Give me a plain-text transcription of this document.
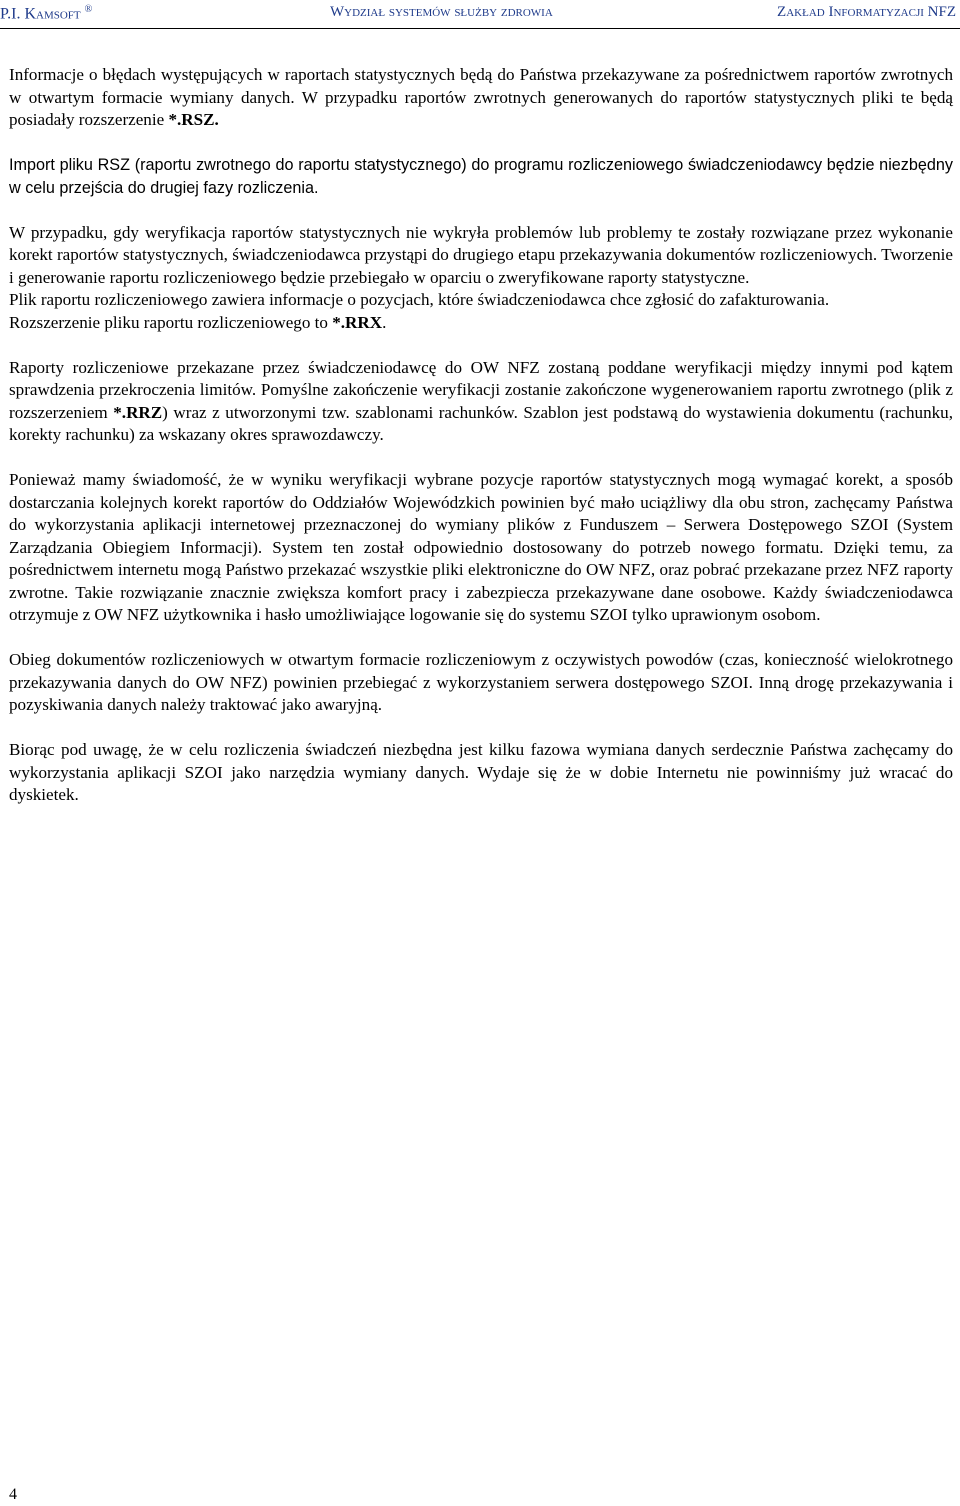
P.I. Kamsoft ®	Wydział systemów służby zdrowia	Zakład Informatyzacji NFZ

Informacje o błędach występujących w raportach statystycznych będą do Państwa przekazywane za pośrednictwem raportów zwrotnych w otwartym formacie wymiany danych. W przypadku raportów zwrotnych generowanych do raportów statystycznych pliki te będą posiadały rozszerzenie *.RSZ.

Import pliku RSZ (raportu zwrotnego do raportu statystycznego) do programu rozliczeniowego świadczeniodawcy będzie niezbędny w celu przejścia do drugiej fazy rozliczenia.

W przypadku, gdy weryfikacja raportów statystycznych nie wykryła problemów lub problemy te zostały rozwiązane przez wykonanie korekt raportów statystycznych, świadczeniodawca przystąpi do drugiego etapu przekazywania dokumentów rozliczeniowych. Tworzenie i generowanie raportu rozliczeniowego będzie przebiegało w oparciu o zweryfikowane raporty statystyczne.

Plik raportu rozliczeniowego zawiera informacje o pozycjach, które świadczeniodawca chce zgłosić do zafakturowania.

Rozszerzenie pliku raportu rozliczeniowego to *.RRX.

Raporty rozliczeniowe przekazane przez świadczeniodawcę do OW NFZ zostaną poddane weryfikacji między innymi pod kątem sprawdzenia przekroczenia limitów. Pomyślne zakończenie weryfikacji zostanie zakończone wygenerowaniem raportu zwrotnego (plik z rozszerzeniem *.RRZ) wraz z utworzonymi tzw. szablonami rachunków. Szablon jest podstawą do wystawienia dokumentu (rachunku, korekty rachunku) za wskazany okres sprawozdawczy.

Ponieważ mamy świadomość, że w wyniku weryfikacji wybrane pozycje raportów statystycznych mogą wymagać korekt, a sposób dostarczania kolejnych korekt raportów do Oddziałów Wojewódzkich powinien być mało uciążliwy dla obu stron, zachęcamy Państwa do wykorzystania aplikacji internetowej przeznaczonej do wymiany plików z Funduszem – Serwera Dostępowego SZOI (System Zarządzania Obiegiem Informacji). System ten został odpowiednio dostosowany do potrzeb nowego formatu. Dzięki temu, za pośrednictwem internetu mogą Państwo przekazać wszystkie pliki elektroniczne do OW NFZ, oraz pobrać przekazane przez NFZ raporty zwrotne. Takie rozwiązanie znacznie zwiększa komfort pracy i zabezpiecza przekazywane dane osobowe. Każdy świadczeniodawca otrzymuje z OW NFZ użytkownika i hasło umożliwiające logowanie się do systemu SZOI tylko uprawionym osobom.

Obieg dokumentów rozliczeniowych w otwartym formacie rozliczeniowym z oczywistych powodów (czas, konieczność wielokrotnego przekazywania danych do OW NFZ) powinien przebiegać z wykorzystaniem serwera dostępowego SZOI. Inną drogę przekazywania i pozyskiwania danych należy traktować jako awaryjną.

Biorąc pod uwagę, że w celu rozliczenia świadczeń niezbędna jest kilku fazowa wymiana danych serdecznie Państwa zachęcamy do wykorzystania aplikacji SZOI jako narzędzia wymiany danych. Wydaje się że w dobie Internetu nie powinniśmy już wracać do dyskietek.

4
